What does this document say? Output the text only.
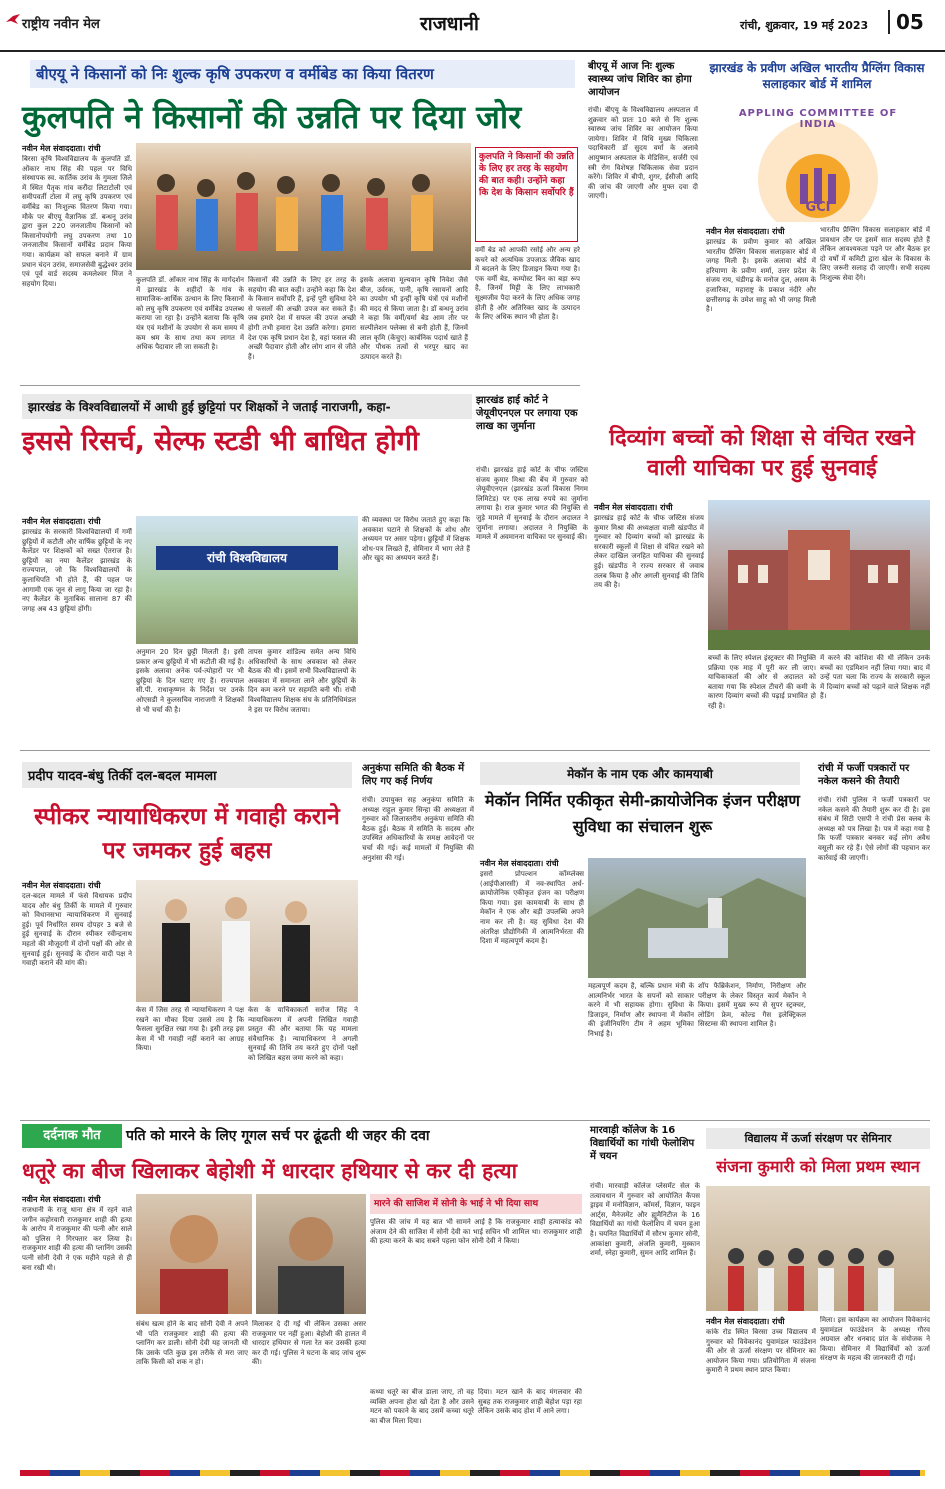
राष्ट्रीय नवीन मेल	राजधानी	रांची, शुक्रवार, 19 मई 2023	05
बीएयू ने किसानों को निः शुल्क कृषि उपकरण व वर्मीबेड का किया वितरण
कुलपति ने किसानों की उन्नति पर दिया जोर
नवीन मेल संवाददाता। रांची
बिरसा कृषि विश्वविद्यालय के कुलपति डॉ. ओंकार नाथ सिंह की पहल पर विधि संस्थापक स्व. कार्तिक उरांव के गुमला जिले में स्थित पैतृक गांव करौंदा लिटाटोली एवं समीपवर्ती टोला में लघु कृषि उपकरण एवं वर्मीबेड का निःशुल्क वितरण किया गया। मौके पर बीएयू वैज्ञानिक डॉ. बन्धनू उरांव द्वारा कुल 220 जनजातीय किसानों को किसानोपयोगी लघु उपकरण तथा 10 जनजातीय किसानों वर्मीबेड प्रदान किया गया। कार्यक्रम को सफल बनाने में ग्राम प्रधान चंदन उरांव, समाजसेवी बुद्धेश्वर उरांव एवं पूर्व वार्ड सदस्य कमलेश्वर मिंज ने सहयोग दिया।
कुलपति ने किसानों की उन्नति के लिए हर तरह के सहयोग की बात कही। उन्होंने कहा कि देश के किसान सर्वोपरि हैं
कुलपति डॉ. ओंकार नाथ सिंह के मार्गदर्शन में झारखंड के शहीदों के गांव के सामाजिक-आर्थिक उत्थान के लिए किसानों को लघु कृषि उपकरण एवं वर्मीबेड उपलब्ध कराया जा रहा है। उन्होंने बताया कि कृषि यंत्र एवं मशीनों के उपयोग से कम समय में कम श्रम के साथ तथा कम लागत में अधिक पैदावार ली जा सकती है।
किसानों की उन्नति के लिए हर तरह के सहयोग की बात कही। उन्होंने कहा कि देश के किसान सर्वोपरि हैं, इन्हें पूरी सुविधा देने से फसलों की अच्छी उपज कर सकते हैं। जब हमारे देश में सफल की उपज अच्छी होगी तभी हमारा देश उन्नति करेगा। हमारा देश एक कृषि प्रधान देश है, वहां फसल की अच्छी पैदावार होती और लोग शान से जीते हैं।
इसके अलावा मूल्यवान कृषि निवेश जैसे बीज, उर्वरक, पानी, कृषि रसायनों आदि का उपयोग भी इन्हीं कृषि यंत्रों एवं मशीनों की मदद से किया जाता है। डॉ बन्धनू उरांव ने कहा कि वर्मी/वर्मा बेड आम तौर पर सल्पीलेशन फ्लेक्स से बनी होती हैं, जिनमें लाल कृमि (केंचुए) कार्बनिक पदार्थ खाते हैं और पौधक तत्वों से भरपूर खाद का उत्पादन करते हैं।
वर्मी बेड को आपकी रसोई और अन्य हरे कचरे को अत्यधिक उपजाऊ जैविक खाद में बदलने के लिए डिजाइन किया गया है। एक वर्मी बेड, कम्पोस्ट बिन का बड़ा रूप है, जिनमें मिट्टी के लिए लाभकारी सूक्ष्मजीव पैदा करने के लिए अधिक जगह होती है और अतिरिक्त खाद के उत्पादन के लिए अधिक स्थान भी होता है।
बीएयू में आज निः शुल्क स्वास्थ्य जांच शिविर का होगा आयोजन
रांची। बीएयू के विश्वविद्यालय अस्पताल में शुक्रवार को प्रातः 10 बजे से निः शुल्क स्वास्थ्य जांच शिविर का आयोजन किया जायेगा। शिविर में विधि मुख्य चिकित्सा पदाधिकारी डॉ सुदय वर्मा के अलावे आयुष्मान अस्पताल के मेडिसिन, सर्जरी एवं स्त्री रोग विशेषज्ञ चिकित्सक सेवा प्रदान करेंगे। शिविर में बीपी, शुगर, ईसीजी आदि की जांच की जाएगी और मुफ्त दवा दी जाएगी।
झारखंड के प्रवीण अखिल भारतीय प्रैग्लिंग विकास सलाहकार बोर्ड में शामिल
APPLING COMMITTEE OF INDIA
GCI
नवीन मेल संवाददाता। रांची
झारखंड के प्रवीण कुमार को अखिल भारतीय प्रैग्लिंग विकास सलाहकार बोर्ड में जगह मिली है। इसके अलावा बोर्ड में हरियाणा के प्रवीण शर्मा, उत्तर प्रदेश के संजय राय, चंडीगढ़ के मनोज दुल, असम के हजारिका, महाराष्ट्र के प्रकाश नंदीरे और छत्तीसगढ़ के उमेश साहू को भी जगह मिली है।
भारतीय प्रैग्लिंग विकास सलाहकार बोर्ड में प्रावधान तौर पर इसमें सात सदस्य होते हैं लेकिन आवश्यकता पड़ने पर और बैठक हर दो वर्षों में कमिटी द्वारा खेल के विकास के लिए जरूरी सलाह दी जाएगी। सभी सदस्य निःशुल्क सेवा देंगे।
झारखंड के विश्वविद्यालयों में आधी हुई छुट्टियां पर शिक्षकों ने जताई नाराजगी, कहा-
इससे रिसर्च, सेल्फ स्टडी भी बाधित होगी
नवीन मेल संवाददाता। रांची
झारखंड के सरकारी विश्वविद्यालयों में गर्मी छुट्टियों में कटौती और वार्षिक छुट्टियों के नए कैलेंडर पर शिक्षकों को सख्त ऐतराज है। छुट्टियों का नया कैलेंडर झारखंड के राज्यपाल, जो कि विश्वविद्यालयों के कुलाधिपति भी होते हैं, की पहल पर आगामी एक जून से लागू किया जा रहा है। नए कैलेंडर के मुताबिक सालाना 87 की जगह अब 43 छुट्टियां होंगी।
रांची विश्वविद्यालय
अनुमान 20 दिन छुट्टी मिलती है। इसी प्रकार अन्य छुट्टियों में भी कटौती की गई है। इसके अलावा अनेक पर्व-त्योहारों पर भी छुट्टियां के दिन घटाए गए हैं। राज्यपाल सी.पी. राधाकृष्णन के निर्देश पर उनके ओएसडी ने कुलसचिव नाराजगी ने शिक्षकों से भी चर्चा की है।
तापस कुमार शांडिल्य समेत अन्य विधि अधिकारियों के साथ अवकाश को लेकर बैठक की थी। इसमें सभी विश्वविद्यालयों के अवकाश में समानता लाने और छुट्टियों के दिन कम करने पर सहमति बनी थी। रांची विश्वविद्यालय शिक्षक संघ के प्रतिनिधिमंडल ने इस पर विरोध जताया।
की व्यवस्था पर विरोध जताते हुए कहा कि अवकाश घटाने से शिक्षकों के शोध और अध्ययन पर असर पड़ेगा। छुट्टियों में शिक्षक शोध-पत्र लिखते हैं, सेमिनार में भाग लेते हैं और खुद का अध्ययन करते हैं।
झारखंड हाई कोर्ट ने जेयूवीएनएल पर लगाया एक लाख का जुर्माना
रांची। झारखंड हाई कोर्ट के चीफ जस्टिस संजय कुमार मिश्रा की बेंच में गुरुवार को जेयूवीएनएल (झारखंड ऊर्जा विकास निगम लिमिटेड) पर एक लाख रुपये का जुर्माना लगाया है। राज कुमार भगत की नियुक्ति से जुड़े मामले में सुनवाई के दौरान अदालत ने जुर्माना लगाया। अदालत ने नियुक्ति के मामले में अवमानना याचिका पर सुनवाई की।
दिव्यांग बच्चों को शिक्षा से वंचित रखने वाली याचिका पर हुई सुनवाई
नवीन मेल संवाददाता। रांची
झारखंड हाई कोर्ट के चीफ जस्टिस संजय कुमार मिश्रा की अध्यक्षता वाली खंडपीठ में गुरुवार को दिव्यांग बच्चों को झारखंड के सरकारी स्कूलों में शिक्षा से वंचित रखने को लेकर दाखिल जनहित याचिका की सुनवाई हुई। खंडपीठ ने राज्य सरकार से जवाब तलब किया है और अगली सुनवाई की तिथि तय की है।
बच्चों के लिए स्पेशल इंस्ट्रक्टर की नियुक्ति प्रक्रिया एक माह में पूरी कर ली जाए। याचिकाकर्ता की ओर से अदालत को बताया गया कि स्पेशल टीचरों की कमी के कारण दिव्यांग बच्चों की पढ़ाई प्रभावित हो रही है।
में करने की कोशिश की थी लेकिन उनके बच्चों का एडमिशन नहीं लिया गया। बाद में उन्हें पता चला कि राज्य के सरकारी स्कूल में दिव्यांग बच्चों को पढ़ाने वाले शिक्षक नहीं हैं।
प्रदीप यादव-बंधु तिर्की दल-बदल मामला
स्पीकर न्यायाधिकरण में गवाही कराने पर जमकर हुई बहस
नवीन मेल संवाददाता। रांची
दल-बदल मामले में फंसे विधायक प्रदीप यादव और बंधु तिर्की के मामले में गुरुवार को विधानसभा न्यायाधिकरण में सुनवाई हुई। पूर्व निर्धारित समय दोपहर 3 बजे से हुई सुनवाई के दौरान स्पीकर रवीन्द्रनाथ महतो की मौजूदगी में दोनों पक्षों की ओर से सुनवाई हुई। सुनवाई के दौरान वादी पक्ष ने गवाही कराने की मांग की।
केस में जिस तरह से न्यायाधिकरण ने पक्ष रखने का मौका दिया उससे तय है कि फैसला सुरक्षित रखा गया है। इसी तरह इस केस में भी गवाही नहीं कराने का आग्रह किया।
केस के याचिकाकर्ता सरोज सिंह ने न्यायाधिकरण में अपनी लिखित गवाही प्रस्तुत की और बताया कि यह मामला संवैधानिक है। न्यायाधिकरण ने अगली सुनवाई की तिथि तय करते हुए दोनों पक्षों को लिखित बहस जमा करने को कहा।
अनुकंपा समिति की बैठक में लिए गए कई निर्णय
रांची। उपायुक्त सह अनुकंपा समिति के अध्यक्ष राहुल कुमार सिन्हा की अध्यक्षता में गुरुवार को जिलास्तरीय अनुकंपा समिति की बैठक हुई। बैठक में समिति के सदस्य और उपस्थित अधिकारियों के समक्ष आवेदनों पर चर्चा की गई। कई मामलों में नियुक्ति की अनुशंसा की गई।
मेकॉन के नाम एक और कामयाबी
मेकॉन निर्मित एकीकृत सेमी-क्रायोजेनिक इंजन परीक्षण सुविधा का संचालन शुरू
नवीन मेल संवाददाता। रांची
इसरो प्रोपल्शन कॉम्प्लेक्स (आईपीआरसी) में नव-स्थापित अर्ध-क्रायोजेनिक एकीकृत इंजन का परीक्षण किया गया। इस कामयाबी के साथ ही मेकॉन ने एक और बड़ी उपलब्धि अपने नाम कर ली है। यह सुविधा देश की अंतरिक्ष प्रौद्योगिकी में आत्मनिर्भरता की दिशा में महत्वपूर्ण कदम है।
महत्वपूर्ण कदम है, बल्कि प्रधान मंत्री के आत्मनिर्भर भारत के सपनों को साकार करने में भी सहायक होगा। सुविधा के डिजाइन, निर्माण और स्थापना में मेकॉन की इंजीनियरिंग टीम ने अहम भूमिका निभाई है।
शॉप फैब्रिकेशन, निर्माण, निरीक्षण और परीक्षण के लेकर विस्तृत कार्य मेकॉन ने किया। इसमें मुख्य रूप से सुपर स्ट्रक्चर, लोडिंग फ्रेम, कोल्ड गैस इलेक्ट्रिकल सिस्टम्स की स्थापना शामिल है।
रांची में फर्जी पत्रकारों पर नकेल कसने की तैयारी
रांची। रांची पुलिस ने फर्जी पत्रकारों पर नकेल कसने की तैयारी शुरू कर दी है। इस संबंध में सिटी एसपी ने रांची प्रेस क्लब के अध्यक्ष को पत्र लिखा है। पत्र में कहा गया है कि फर्जी पत्रकार बनकर कई लोग अवैध वसूली कर रहे हैं। ऐसे लोगों की पहचान कर कार्रवाई की जाएगी।
दर्दनाक मौत	पति को मारने के लिए गूगल सर्च पर ढूंढती थी जहर की दवा
धतूरे का बीज खिलाकर बेहोशी में धारदार हथियार से कर दी हत्या
नवीन मेल संवाददाता। रांची
राजधानी के राजू थाना क्षेत्र में रहने वाले जगीन कहोरवारी राजकुमार शाही की हत्या के आरोप में राजकुमार की पत्नी और साले को पुलिस ने गिरफ्तार कर लिया है। राजकुमार शाही की हत्या की प्लानिंग उसकी पत्नी सोनी देवी ने एक महीने पहले से ही बना रखी थी।
संबंध खत्म होने के बाद सोनी देवी ने अपने भी पति राजकुमार शाही की हत्या की प्लानिंग कर डाली। सोनी देवी यह जानती थी कि उसके पति कुछ इस तरीके से मरा जाए ताकि किसी को शक न हो।
मिलाकर दे दी गई थी लेकिन उसका असर राजकुमार पर नहीं हुआ। बेहोशी की हालत में धारदार हथियार से गला रेत कर उसकी हत्या कर दी गई। पुलिस ने घटना के बाद जांच शुरू की।
मारने की साजिश में सोनी के भाई ने भी दिया साथ
पुलिस की जांच में यह बात भी सामने आई है कि राजकुमार शाही हत्याकांड को अंजाम देने की साजिश में सोनी देवी का भाई सचिन भी शामिल था। राजकुमार शाही की हत्या करने के बाद सबने पहला फोन सोनी देवी ने किया।
कथ्या धतूरे का बीज डाला जाए, तो वह व्यक्ति अपना होश खो देता है और उसने मटन को पकाने के बाद उसमें कच्चा धतूरे का बीज मिला दिया।
दिया। मटन खाने के बाद मंगलवार की सुबह तक राजकुमार शाही बेहोश पड़ा रहा लेकिन उसके बाद होश में आने लगा।
मारवाड़ी कॉलेज के 16 विद्यार्थियों का गांधी फेलोशिप में चयन
रांची। मारवाड़ी कॉलेज प्लेसमेंट सेल के तत्वावधान में गुरुवार को आयोजित कैंपस ड्राइव में मनोविज्ञान, कॉमर्स, विज्ञान, फाइन आर्ट्स, मैनेजमेंट और ह्यूमैनिटीज के 16 विद्यार्थियों का गांधी फेलोशिप में चयन हुआ है। चयनित विद्यार्थियों में सौरभ कुमार सोनी, आकांक्षा कुमारी, अंजलि कुमारी, मुस्कान शर्मा, स्नेहा कुमारी, सुमन आदि शामिल हैं।
विद्यालय में ऊर्जा संरक्षण पर सेमिनार
संजना कुमारी को मिला प्रथम स्थान
नवीन मेल संवाददाता। रांची
कांके रोड स्थित बिरसा उच्च विद्यालय में गुरुवार को विवेकानंद युवामंडल फाउंडेशन की ओर से ऊर्जा संरक्षण पर सेमिनार का आयोजन किया गया। प्रतियोगिता में संजना कुमारी ने प्रथम स्थान प्राप्त किया।
मिला। इस कार्यक्रम का आयोजन विवेकानंद युवामंडल फाउंडेशन के अध्यक्ष गौरव अग्रवाल और धनबाद प्रांत के संयोजक ने किया। सेमिनार में विद्यार्थियों को ऊर्जा संरक्षण के महत्व की जानकारी दी गई।
